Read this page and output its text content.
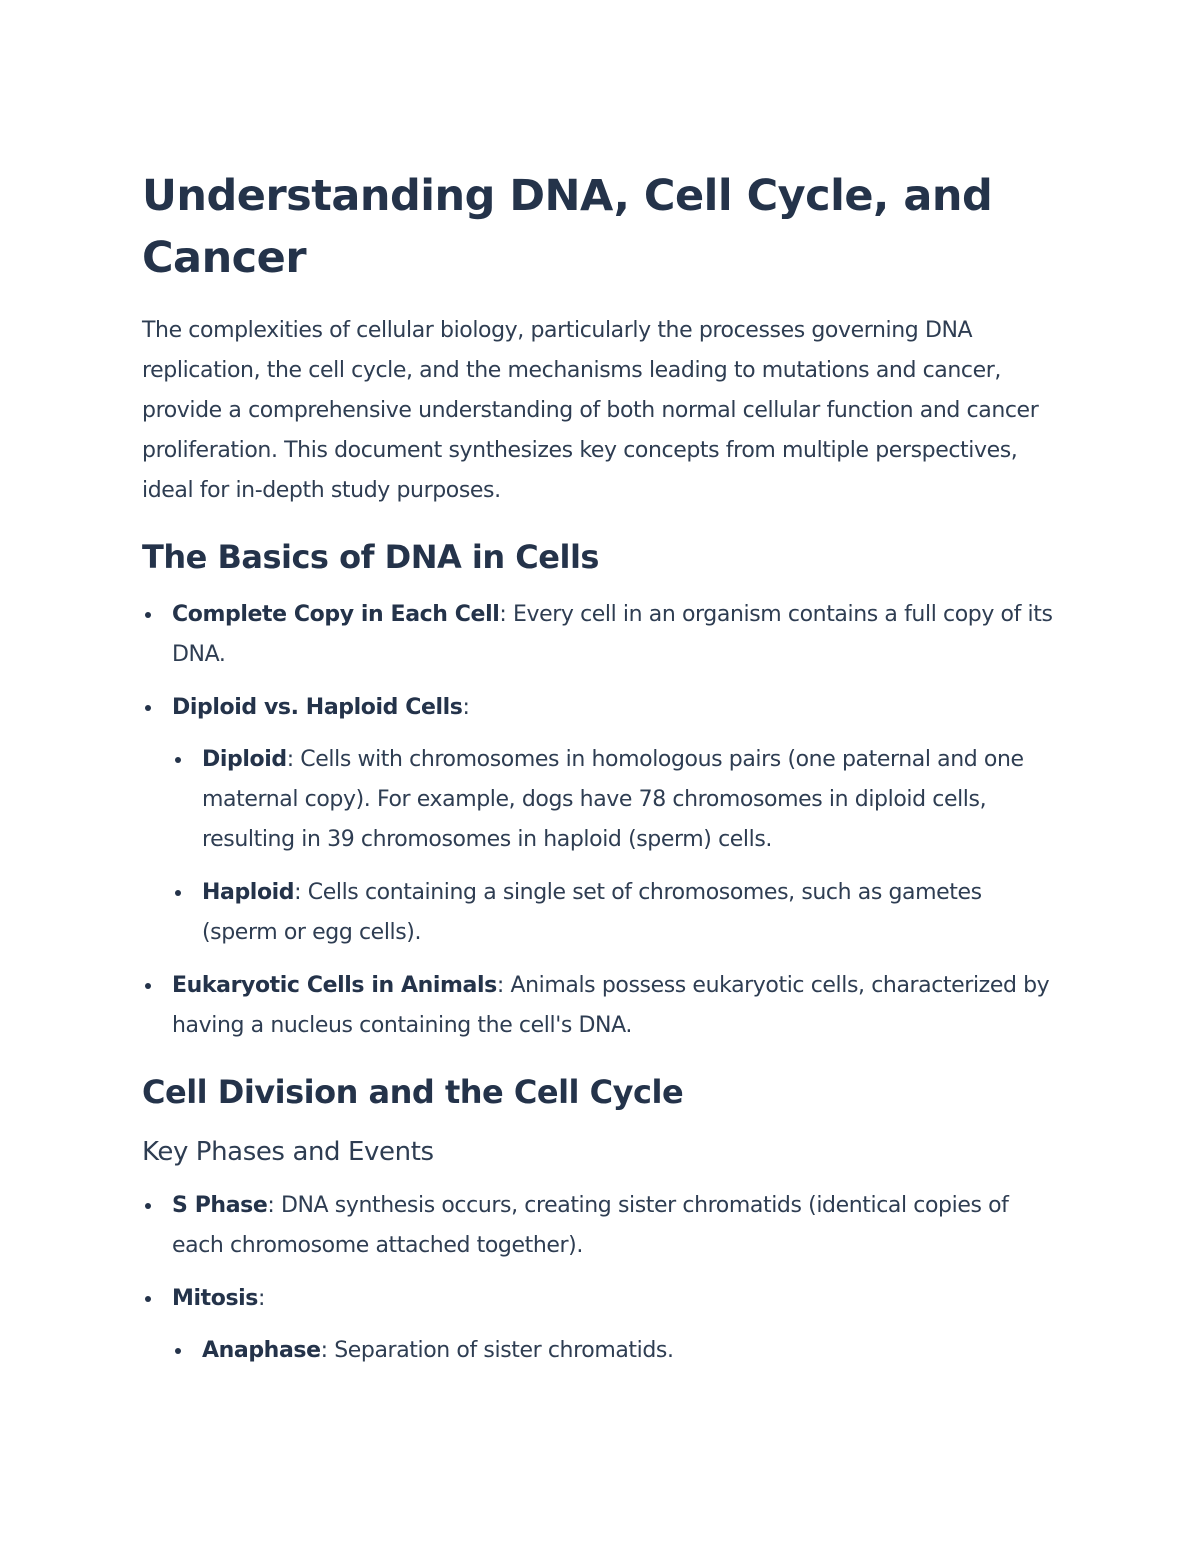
Understanding DNA, Cell Cycle, and Cancer

The complexities of cellular biology, particularly the processes governing DNA replication, the cell cycle, and the mechanisms leading to mutations and cancer, provide a comprehensive understanding of both normal cellular function and cancer proliferation. This document synthesizes key concepts from multiple perspectives, ideal for in-depth study purposes.

The Basics of DNA in Cells
Complete Copy in Each Cell: Every cell in an organism contains a full copy of its DNA.
Diploid vs. Haploid Cells:
Diploid: Cells with chromosomes in homologous pairs (one paternal and one maternal copy). For example, dogs have 78 chromosomes in diploid cells, resulting in 39 chromosomes in haploid (sperm) cells.
Haploid: Cells containing a single set of chromosomes, such as gametes (sperm or egg cells).
Eukaryotic Cells in Animals: Animals possess eukaryotic cells, characterized by having a nucleus containing the cell's DNA.
Cell Division and the Cell Cycle
Key Phases and Events
S Phase: DNA synthesis occurs, creating sister chromatids (identical copies of each chromosome attached together).
Mitosis:
Anaphase: Separation of sister chromatids.
